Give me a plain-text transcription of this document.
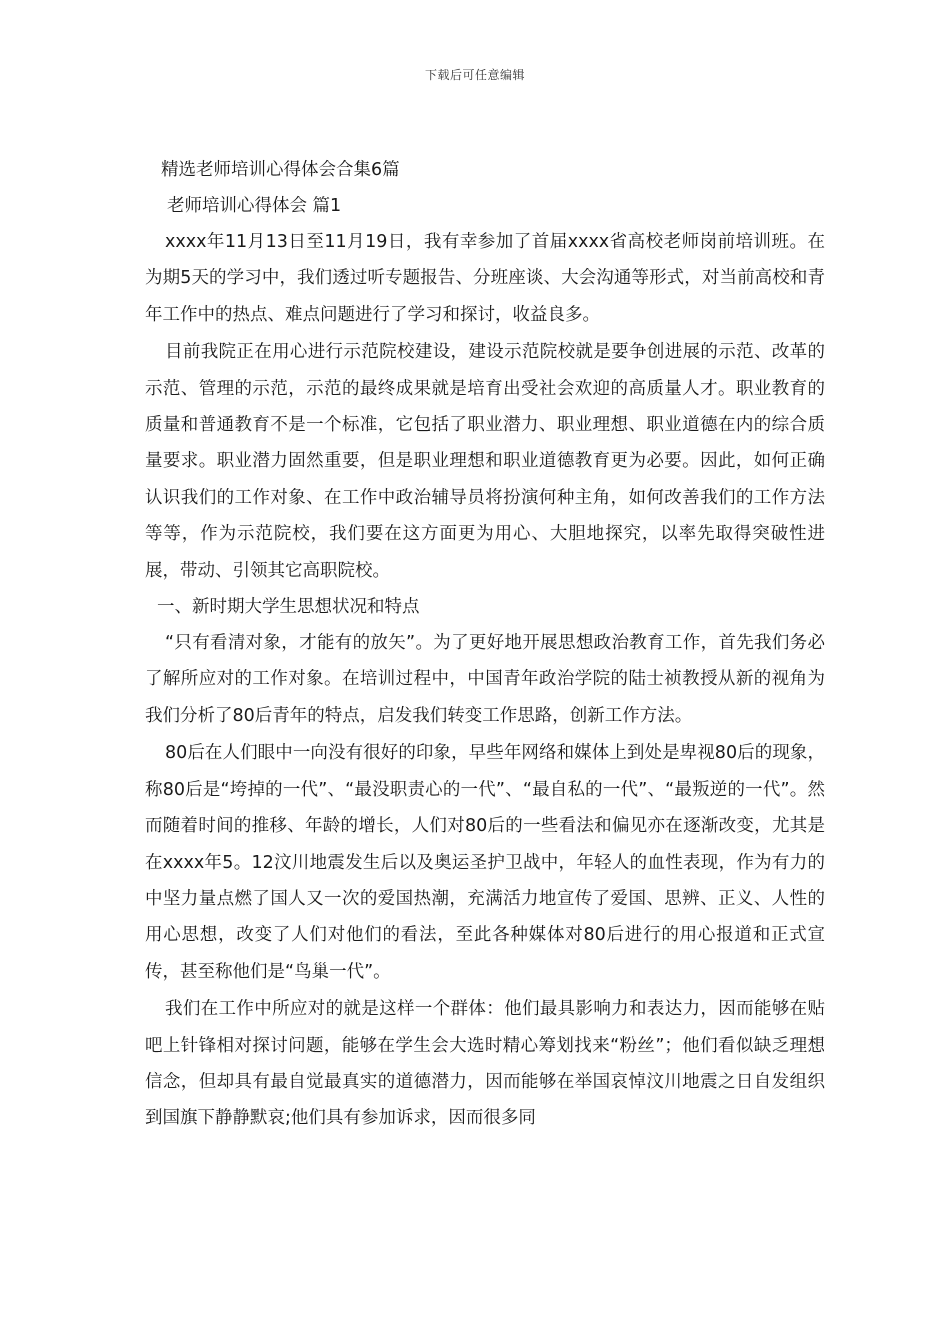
下载后可任意编辑
精选老师培训心得体会合集6篇
老师培训心得体会 篇1

xxxx年11月13日至11月19日，我有幸参加了首届xxxx省高校老师岗前培训班。在为期5天的学习中，我们透过听专题报告、分班座谈、大会沟通等形式，对当前高校和青年工作中的热点、难点问题进行了学习和探讨，收益良多。

目前我院正在用心进行示范院校建设，建设示范院校就是要争创进展的示范、改革的示范、管理的示范，示范的最终成果就是培育出受社会欢迎的高质量人才。职业教育的质量和普通教育不是一个标准，它包括了职业潜力、职业理想、职业道德在内的综合质量要求。职业潜力固然重要，但是职业理想和职业道德教育更为必要。因此，如何正确认识我们的工作对象、在工作中政治辅导员将扮演何种主角，如何改善我们的工作方法等等，作为示范院校，我们要在这方面更为用心、大胆地探究，以率先取得突破性进展，带动、引领其它高职院校。

一、新时期大学生思想状况和特点

“只有看清对象，才能有的放矢”。为了更好地开展思想政治教育工作，首先我们务必了解所应对的工作对象。在培训过程中，中国青年政治学院的陆士祯教授从新的视角为我们分析了80后青年的特点，启发我们转变工作思路，创新工作方法。

80后在人们眼中一向没有很好的印象，早些年网络和媒体上到处是卑视80后的现象，称80后是“垮掉的一代”、“最没职责心的一代”、“最自私的一代”、“最叛逆的一代”。然而随着时间的推移、年龄的增长，人们对80后的一些看法和偏见亦在逐渐改变，尤其是在xxxx年5。12汶川地震发生后以及奥运圣护卫战中，年轻人的血性表现，作为有力的中坚力量点燃了国人又一次的爱国热潮，充满活力地宣传了爱国、思辨、正义、人性的用心思想，改变了人们对他们的看法，至此各种媒体对80后进行的用心报道和正式宣传，甚至称他们是“鸟巢一代”。

我们在工作中所应对的就是这样一个群体：他们最具影响力和表达力，因而能够在贴吧上针锋相对探讨问题，能够在学生会大选时精心筹划找来“粉丝”；他们看似缺乏理想信念，但却具有最自觉最真实的道德潜力，因而能够在举国哀悼汶川地震之日自发组织到国旗下静静默哀;他们具有参加诉求，因而很多同
